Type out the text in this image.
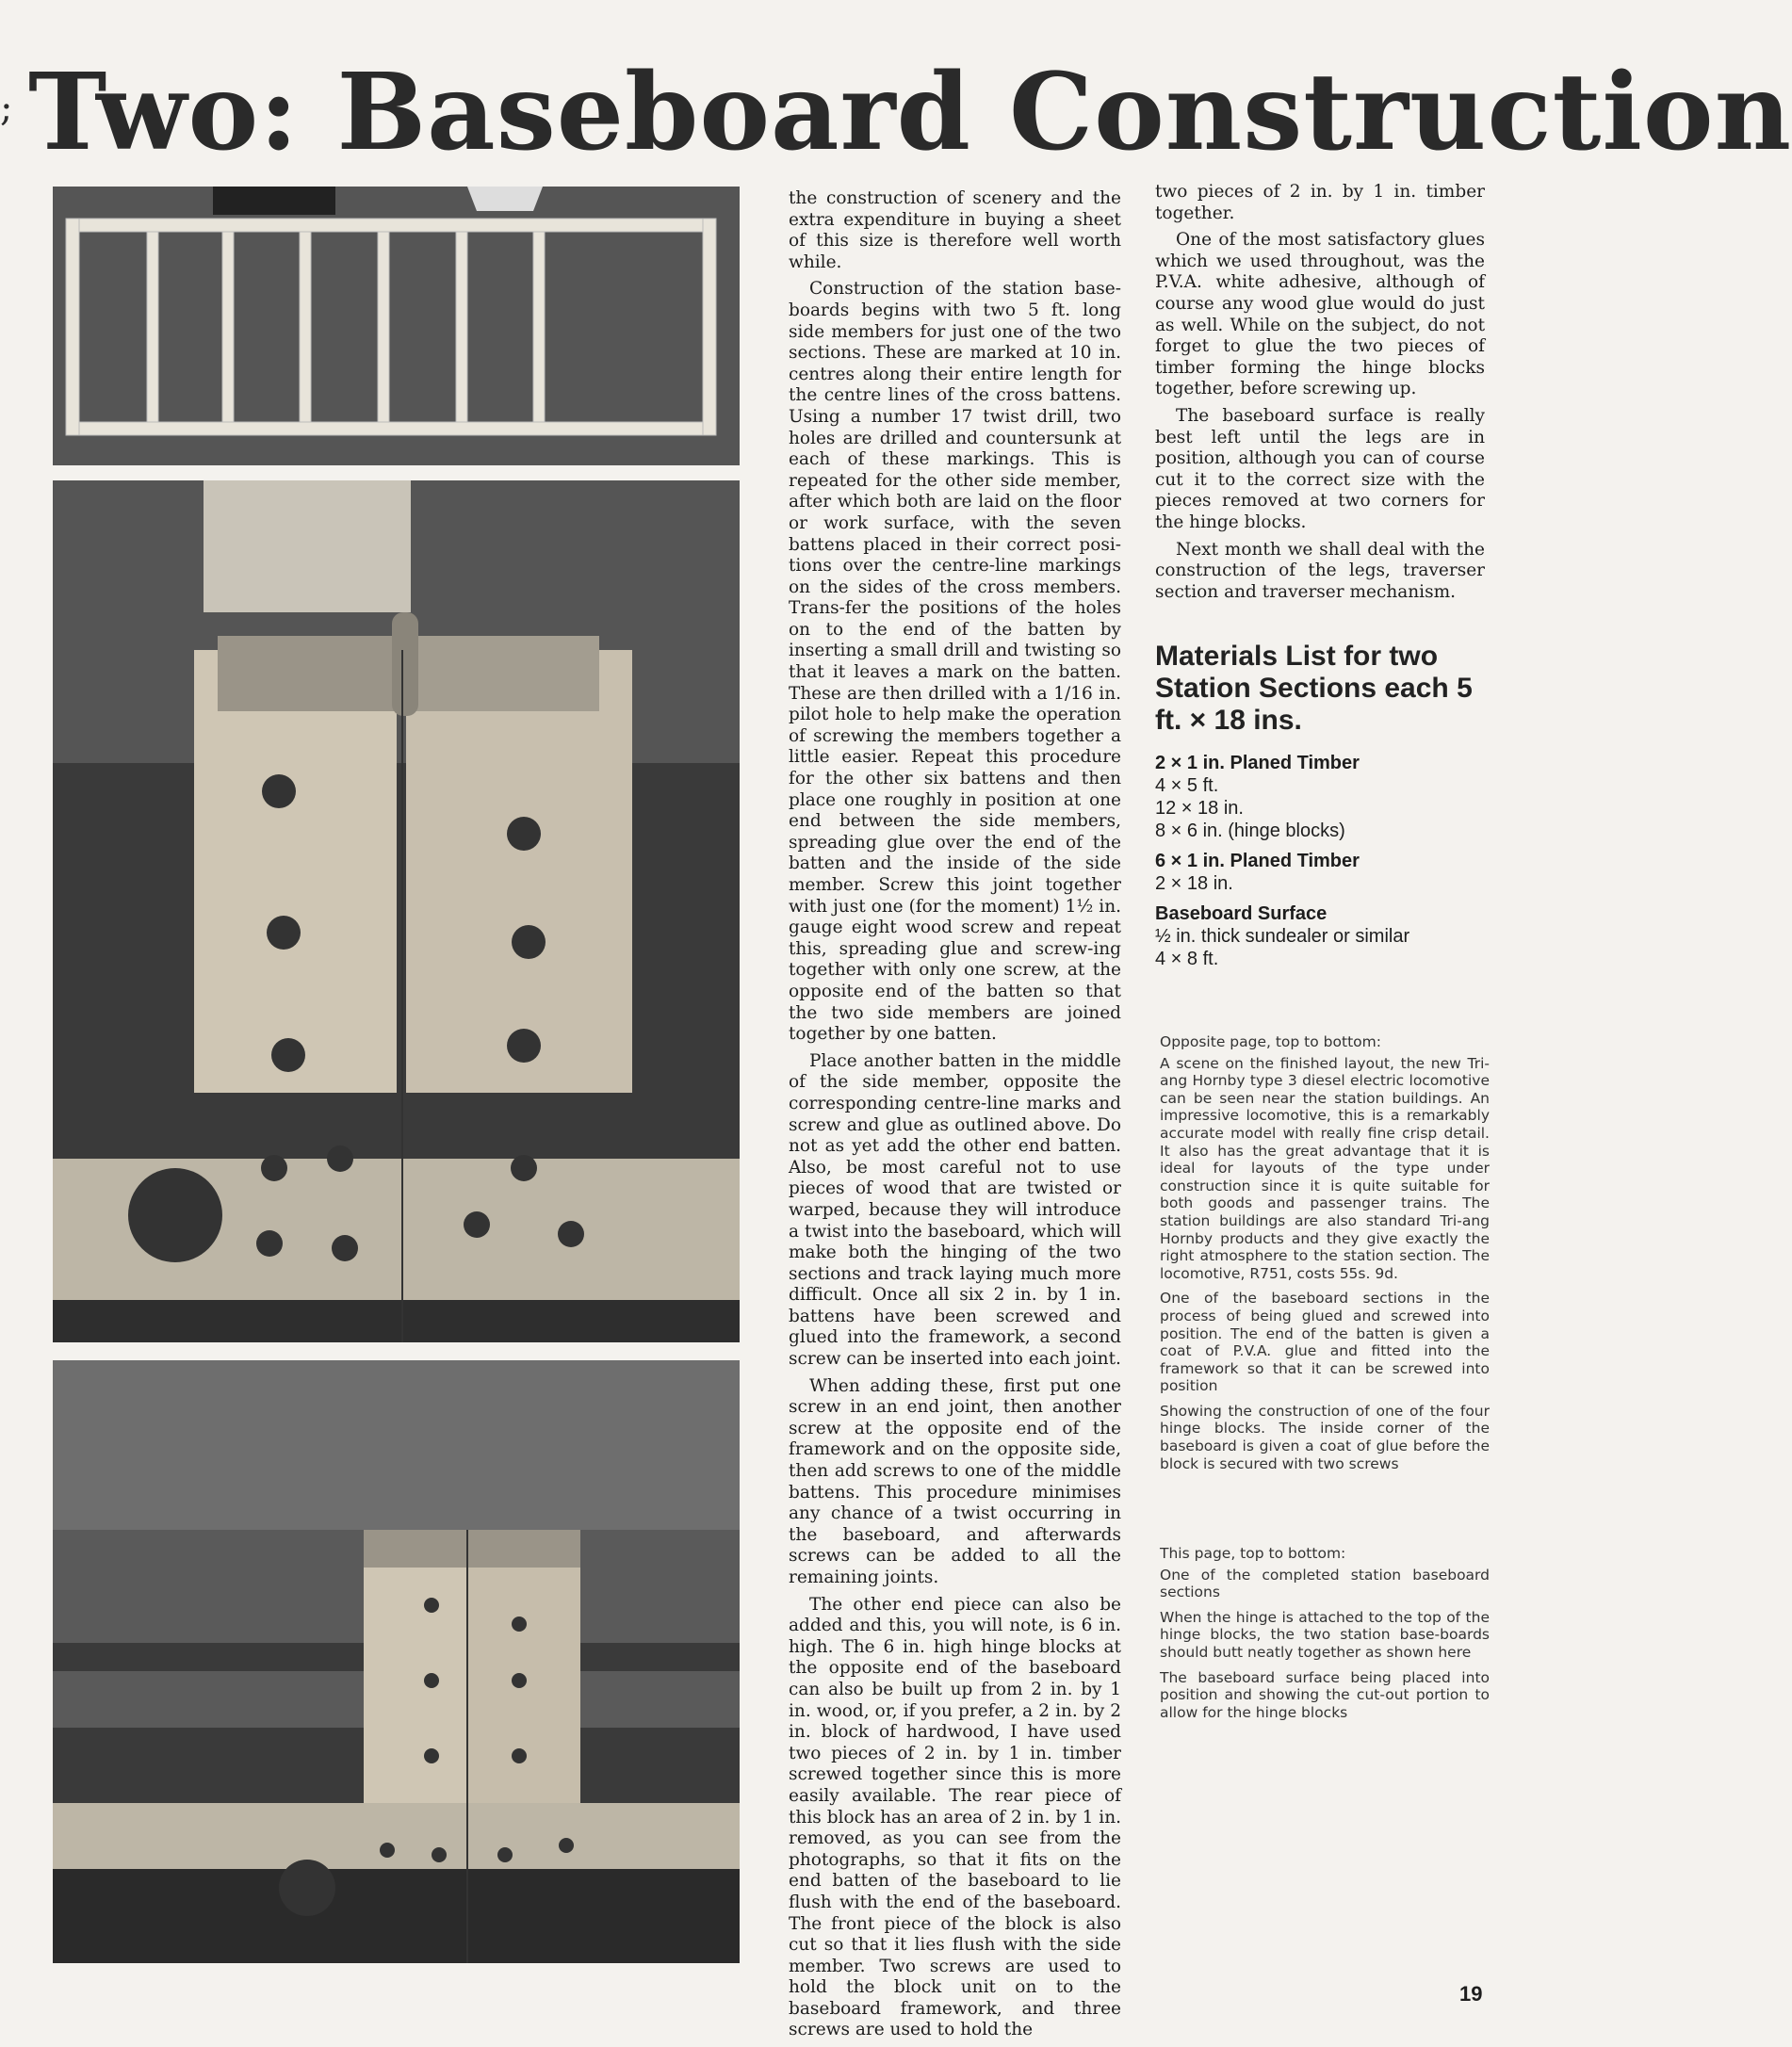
; Two: Baseboard Construction

the construction of scenery and the extra expenditure in buying a sheet of this size is therefore well worth while.

Construction of the station base-boards begins with two 5 ft. long side members for just one of the two sections. These are marked at 10 in. centres along their entire length for the centre lines of the cross battens. Using a number 17 twist drill, two holes are drilled and countersunk at each of these markings. This is repeated for the other side member, after which both are laid on the floor or work surface, with the seven battens placed in their correct posi-tions over the centre-line markings on the sides of the cross members. Trans-fer the positions of the holes on to the end of the batten by inserting a small drill and twisting so that it leaves a mark on the batten. These are then drilled with a 1/16 in. pilot hole to help make the operation of screwing the members together a little easier. Repeat this procedure for the other six battens and then place one roughly in position at one end between the side members, spreading glue over the end of the batten and the inside of the side member. Screw this joint together with just one (for the moment) 1½ in. gauge eight wood screw and repeat this, spreading glue and screw-ing together with only one screw, at the opposite end of the batten so that the two side members are joined together by one batten.

Place another batten in the middle of the side member, opposite the corresponding centre-line marks and screw and glue as outlined above. Do not as yet add the other end batten. Also, be most careful not to use pieces of wood that are twisted or warped, because they will introduce a twist into the baseboard, which will make both the hinging of the two sections and track laying much more difficult. Once all six 2 in. by 1 in. battens have been screwed and glued into the framework, a second screw can be inserted into each joint.

When adding these, first put one screw in an end joint, then another screw at the opposite end of the framework and on the opposite side, then add screws to one of the middle battens. This procedure minimises any chance of a twist occurring in the baseboard, and afterwards screws can be added to all the remaining joints.

The other end piece can also be added and this, you will note, is 6 in. high. The 6 in. high hinge blocks at the opposite end of the baseboard can also be built up from 2 in. by 1 in. wood, or, if you prefer, a 2 in. by 2 in. block of hardwood, I have used two pieces of 2 in. by 1 in. timber screwed together since this is more easily available. The rear piece of this block has an area of 2 in. by 1 in. removed, as you can see from the photographs, so that it fits on the end batten of the baseboard to lie flush with the end of the baseboard. The front piece of the block is also cut so that it lies flush with the side member. Two screws are used to hold the block unit on to the baseboard framework, and three screws are used to hold the

two pieces of 2 in. by 1 in. timber together.

One of the most satisfactory glues which we used throughout, was the P.V.A. white adhesive, although of course any wood glue would do just as well. While on the subject, do not forget to glue the two pieces of timber forming the hinge blocks together, before screwing up.

The baseboard surface is really best left until the legs are in position, although you can of course cut it to the correct size with the pieces removed at two corners for the hinge blocks.

Next month we shall deal with the construction of the legs, traverser section and traverser mechanism.

Materials List for two Station Sections each 5 ft. × 18 ins.
2 × 1 in. Planed Timber
4 × 5 ft.
12 × 18 in.
8 × 6 in. (hinge blocks)
6 × 1 in. Planed Timber
2 × 18 in.
Baseboard Surface
½ in. thick sundealer or similar
4 × 8 ft.
Opposite page, top to bottom:
A scene on the finished layout, the new Tri-ang Hornby type 3 diesel electric locomotive can be seen near the station buildings. An impressive locomotive, this is a remarkably accurate model with really fine crisp detail. It also has the great advantage that it is ideal for layouts of the type under construction since it is quite suitable for both goods and passenger trains. The station buildings are also standard Tri-ang Hornby products and they give exactly the right atmosphere to the station section. The locomotive, R751, costs 55s. 9d.
One of the baseboard sections in the process of being glued and screwed into position. The end of the batten is given a coat of P.V.A. glue and fitted into the framework so that it can be screwed into position
Showing the construction of one of the four hinge blocks. The inside corner of the baseboard is given a coat of glue before the block is secured with two screws
This page, top to bottom:
One of the completed station baseboard sections
When the hinge is attached to the top of the hinge blocks, the two station base-boards should butt neatly together as shown here
The baseboard surface being placed into position and showing the cut-out portion to allow for the hinge blocks
19
